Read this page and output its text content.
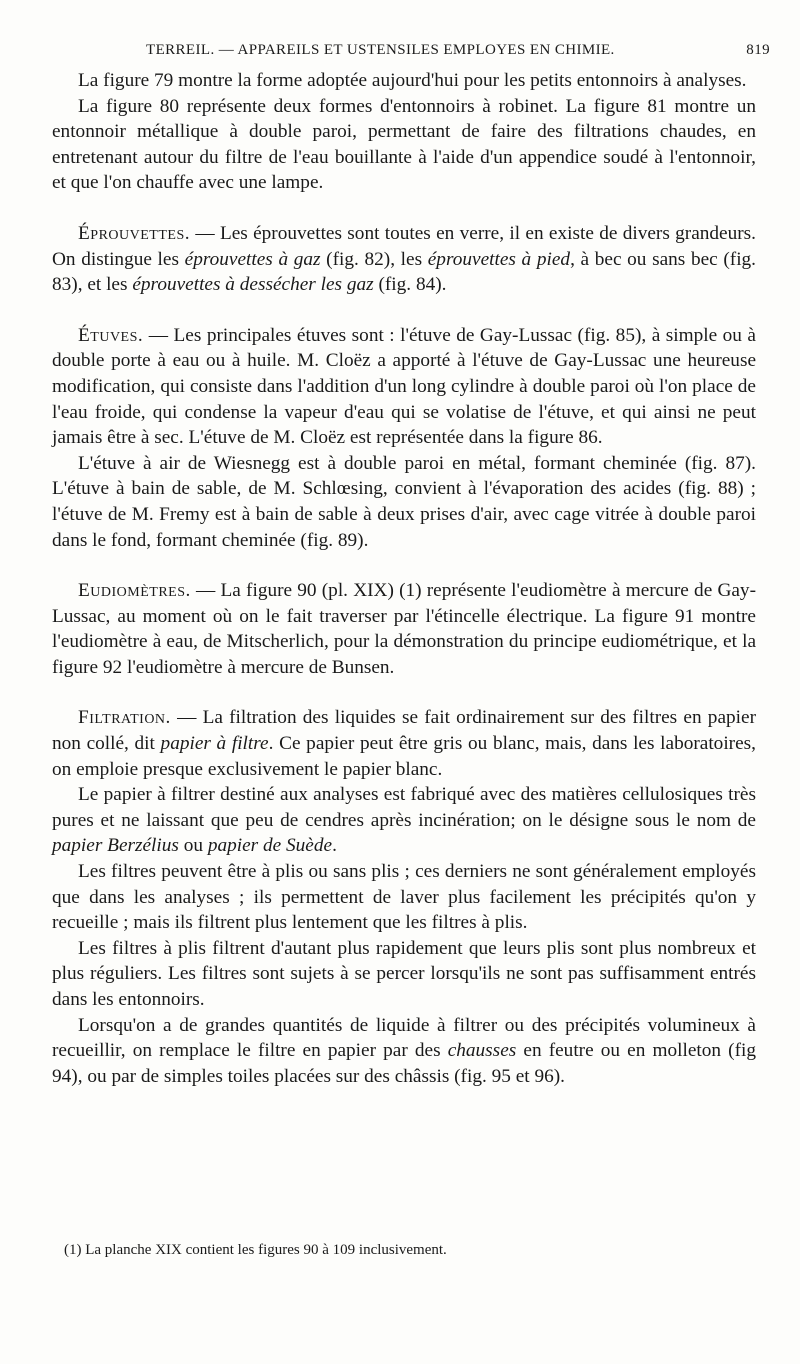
TERREIL. — APPAREILS ET USTENSILES EMPLOYES EN CHIMIE.	819

La figure 79 montre la forme adoptée aujourd'hui pour les petits entonnoirs à analyses.

La figure 80 représente deux formes d'entonnoirs à robinet. La figure 81 montre un entonnoir métallique à double paroi, permettant de faire des filtrations chaudes, en entretenant autour du filtre de l'eau bouillante à l'aide d'un appendice soudé à l'entonnoir, et que l'on chauffe avec une lampe.

Éprouvettes. — Les éprouvettes sont toutes en verre, il en existe de divers grandeurs. On distingue les éprouvettes à gaz (fig. 82), les éprouvettes à pied, à bec ou sans bec (fig. 83), et les éprouvettes à dessécher les gaz (fig. 84).

Étuves. — Les principales étuves sont : l'étuve de Gay-Lussac (fig. 85), à simple ou à double porte à eau ou à huile. M. Cloëz a apporté à l'étuve de Gay-Lussac une heureuse modification, qui consiste dans l'addition d'un long cylindre à double paroi où l'on place de l'eau froide, qui condense la vapeur d'eau qui se volatise de l'étuve, et qui ainsi ne peut jamais être à sec. L'étuve de M. Cloëz est représentée dans la figure 86.

L'étuve à air de Wiesnegg est à double paroi en métal, formant cheminée (fig. 87). L'étuve à bain de sable, de M. Schlœsing, convient à l'évaporation des acides (fig. 88) ; l'étuve de M. Fremy est à bain de sable à deux prises d'air, avec cage vitrée à double paroi dans le fond, formant cheminée (fig. 89).

Eudiomètres. — La figure 90 (pl. XIX) (1) représente l'eudiomètre à mercure de Gay-Lussac, au moment où on le fait traverser par l'étincelle électrique. La figure 91 montre l'eudiomètre à eau, de Mitscherlich, pour la démonstration du principe eudiométrique, et la figure 92 l'eudiomètre à mercure de Bunsen.

Filtration. — La filtration des liquides se fait ordinairement sur des filtres en papier non collé, dit papier à filtre. Ce papier peut être gris ou blanc, mais, dans les laboratoires, on emploie presque exclusivement le papier blanc.

Le papier à filtrer destiné aux analyses est fabriqué avec des matières cellulosiques très pures et ne laissant que peu de cendres après incinération; on le désigne sous le nom de papier Berzélius ou papier de Suède.

Les filtres peuvent être à plis ou sans plis ; ces derniers ne sont généralement employés que dans les analyses ; ils permettent de laver plus facilement les précipités qu'on y recueille ; mais ils filtrent plus lentement que les filtres à plis.

Les filtres à plis filtrent d'autant plus rapidement que leurs plis sont plus nombreux et plus réguliers. Les filtres sont sujets à se percer lorsqu'ils ne sont pas suffisamment entrés dans les entonnoirs.

Lorsqu'on a de grandes quantités de liquide à filtrer ou des précipités volumineux à recueillir, on remplace le filtre en papier par des chausses en feutre ou en molleton (fig 94), ou par de simples toiles placées sur des châssis (fig. 95 et 96).

(1) La planche XIX contient les figures 90 à 109 inclusivement.
